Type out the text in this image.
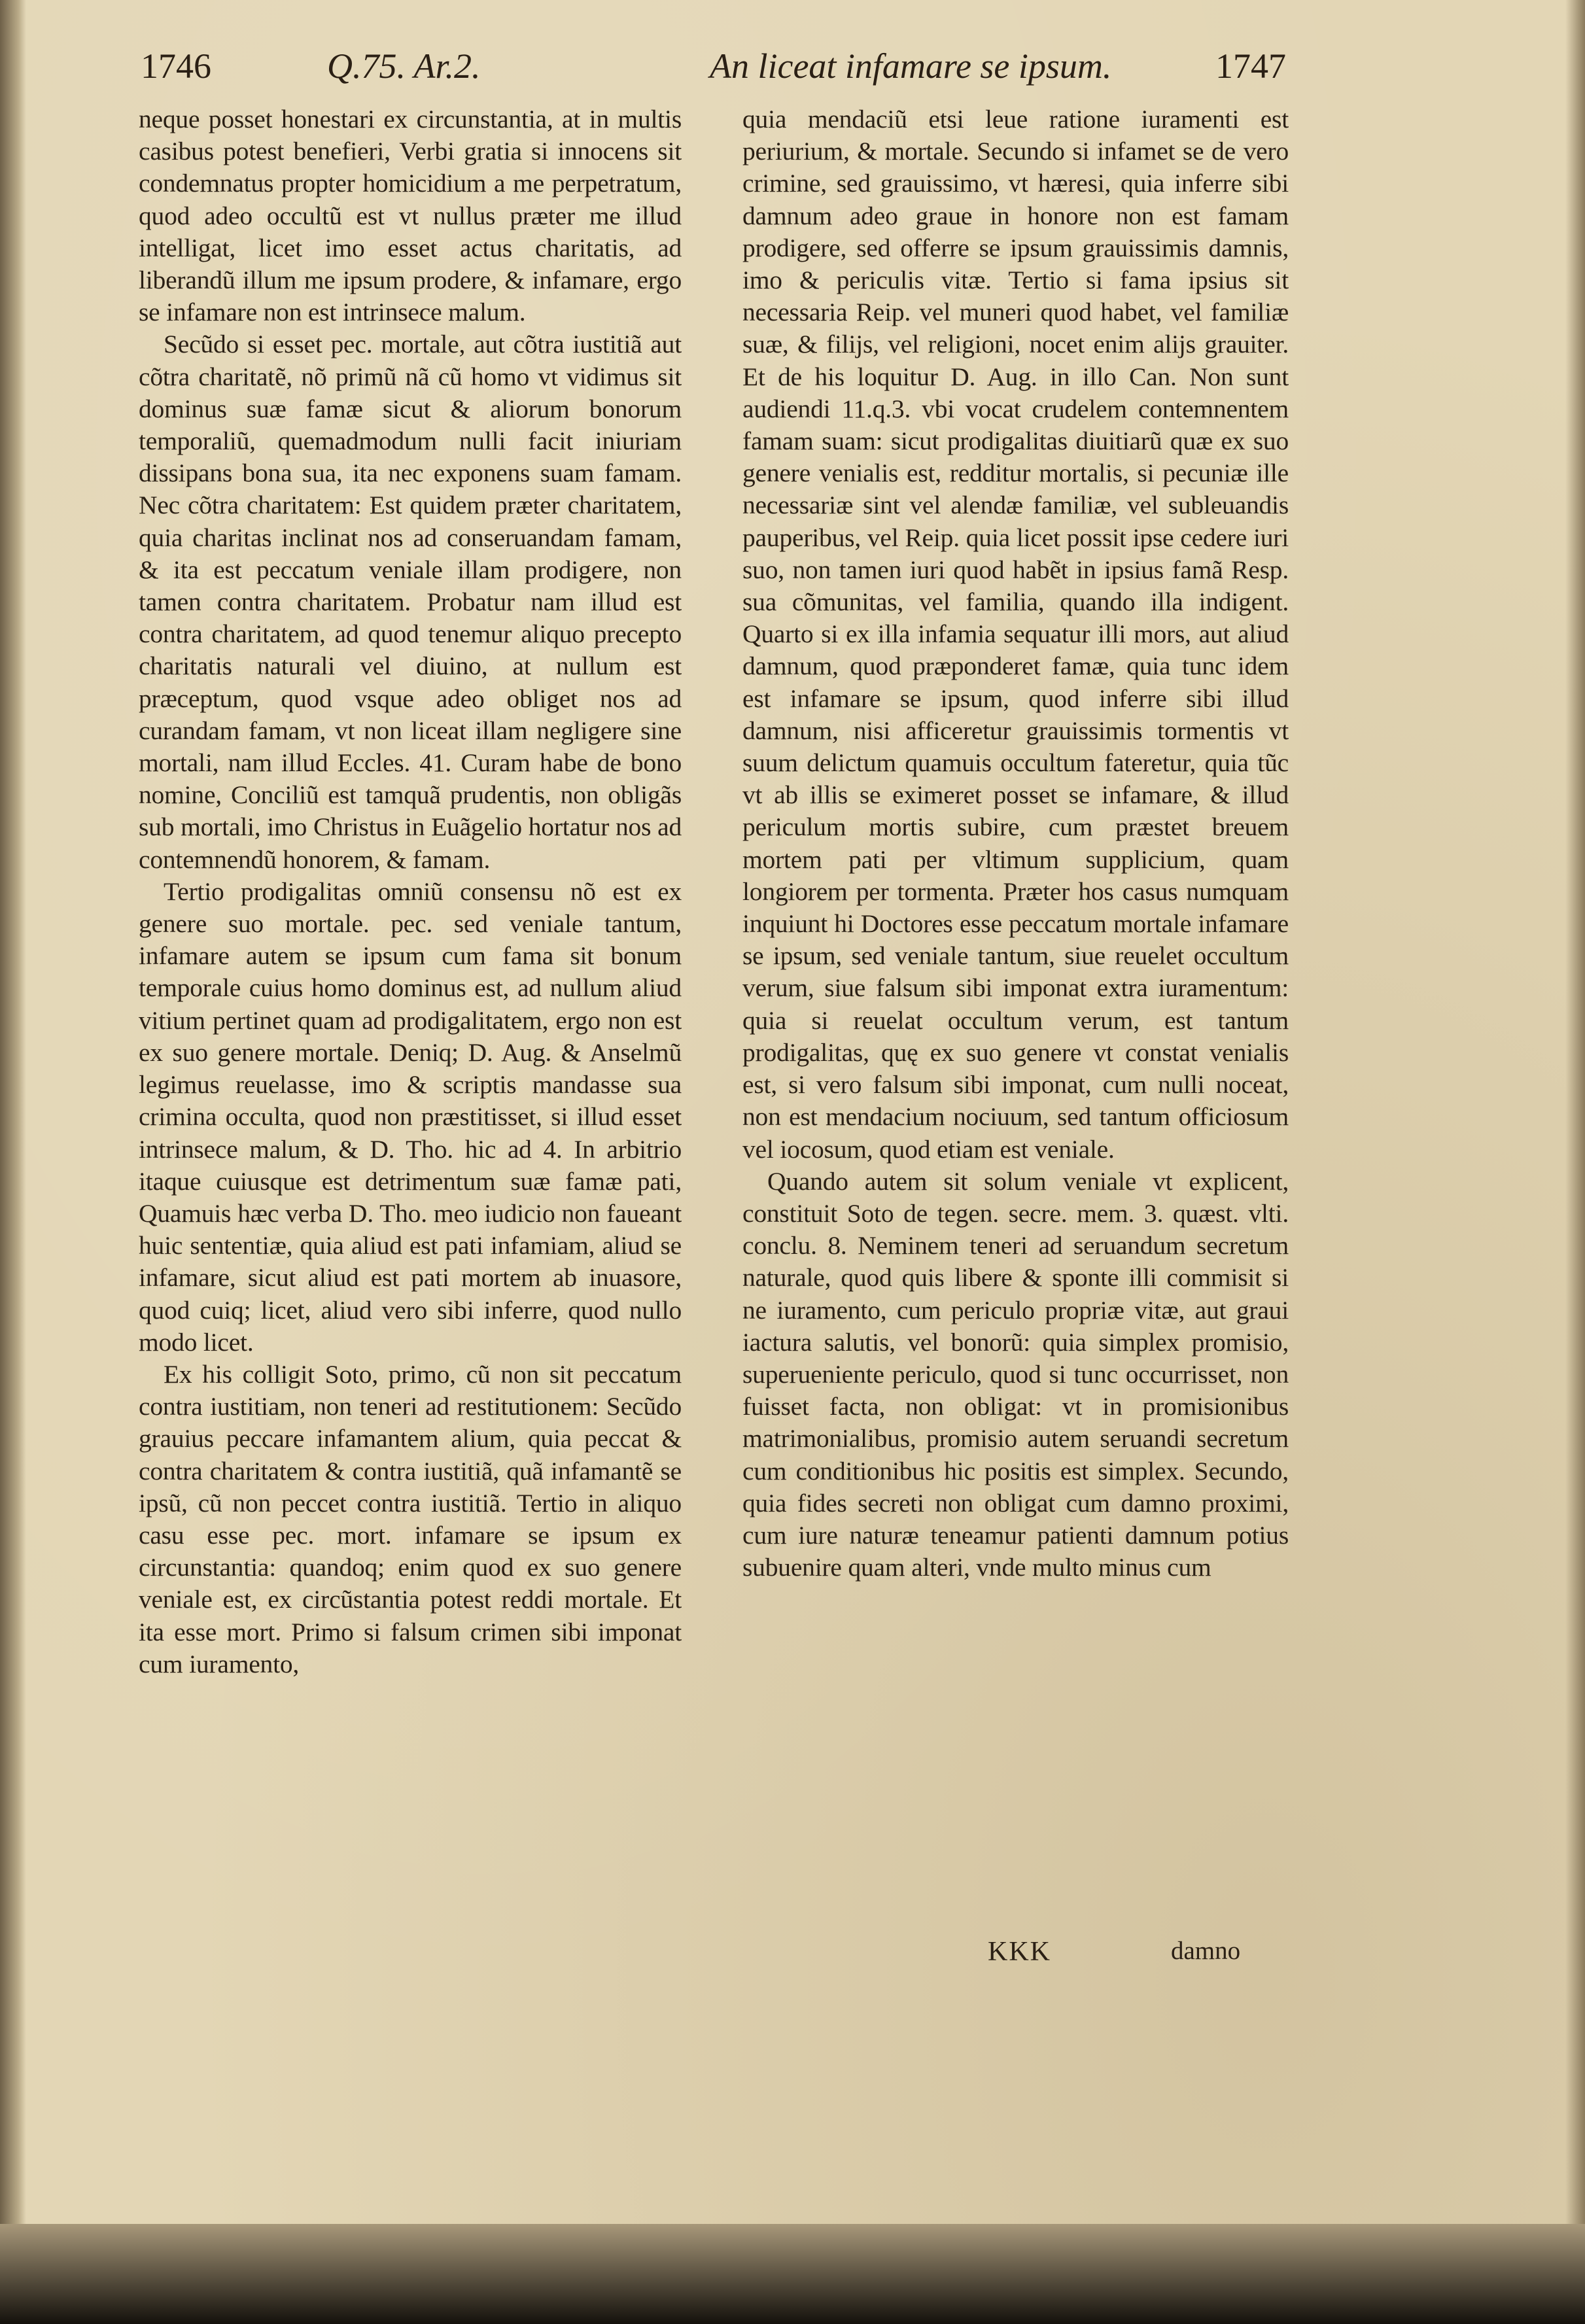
1746	Q.75. Ar.2.	An liceat infamare se ipsum.	1747

neque posset honestari ex circunstantia, at in multis casibus potest benefieri, Verbi gratia si innocens sit condemnatus propter homicidium a me perpetratum, quod adeo occultũ est vt nullus præter me illud intelligat, licet imo esset actus charitatis, ad liberandũ illum me ipsum prodere, & infamare, ergo se infamare non est intrinsece malum.

Secũdo si esset pec. mortale, aut cõtra iustitiã aut cõtra charitatẽ, nõ primũ nã cũ homo vt vidimus sit dominus suæ famæ sicut & aliorum bonorum temporaliũ, quemadmodum nulli facit iniuriam dissipans bona sua, ita nec exponens suam famam. Nec cõtra charitatem: Est quidem præter charitatem, quia charitas inclinat nos ad conseruandam famam, & ita est peccatum veniale illam prodigere, non tamen contra charitatem. Probatur nam illud est contra charitatem, ad quod tenemur aliquo precepto charitatis naturali vel diuino, at nullum est præceptum, quod vsque adeo obliget nos ad curandam famam, vt non liceat illam negligere sine mortali, nam illud Eccles. 41. Curam habe de bono nomine, Conciliũ est tamquã prudentis, non obligãs sub mortali, imo Christus in Euãgelio hortatur nos ad contemnendũ honorem, & famam.

Tertio prodigalitas omniũ consensu nõ est ex genere suo mortale. pec. sed veniale tantum, infamare autem se ipsum cum fama sit bonum temporale cuius homo dominus est, ad nullum aliud vitium pertinet quam ad prodigalitatem, ergo non est ex suo genere mortale. Deniq; D. Aug. & Anselmũ legimus reuelasse, imo & scriptis mandasse sua crimina occulta, quod non præstitisset, si illud esset intrinsece malum, & D. Tho. hic ad 4. In arbitrio itaque cuiusque est detrimentum suæ famæ pati, Quamuis hæc verba D. Tho. meo iudicio non faueant huic sententiæ, quia aliud est pati infamiam, aliud se infamare, sicut aliud est pati mortem ab inuasore, quod cuiq; licet, aliud vero sibi inferre, quod nullo modo licet.

Ex his colligit Soto, primo, cũ non sit peccatum contra iustitiam, non teneri ad restitutionem: Secũdo grauius peccare infamantem alium, quia peccat & contra charitatem & contra iustitiã, quã infamantẽ se ipsũ, cũ non peccet contra iustitiã. Tertio in aliquo casu esse pec. mort. infamare se ipsum ex circunstantia: quandoq; enim quod ex suo genere veniale est, ex circũstantia potest reddi mortale. Et ita esse mort. Primo si falsum crimen sibi imponat cum iuramento,

quia mendaciũ etsi leue ratione iuramenti est periurium, & mortale. Secundo si infamet se de vero crimine, sed grauissimo, vt hæresi, quia inferre sibi damnum adeo graue in honore non est famam prodigere, sed offerre se ipsum grauissimis damnis, imo & periculis vitæ. Tertio si fama ipsius sit necessaria Reip. vel muneri quod habet, vel familiæ suæ, & filijs, vel religioni, nocet enim alijs grauiter. Et de his loquitur D. Aug. in illo Can. Non sunt audiendi 11.q.3. vbi vocat crudelem contemnentem famam suam: sicut prodigalitas diuitiarũ quæ ex suo genere venialis est, redditur mortalis, si pecuniæ ille necessariæ sint vel alendæ familiæ, vel subleuandis pauperibus, vel Reip. quia licet possit ipse cedere iuri suo, non tamen iuri quod habẽt in ipsius famã Resp. sua cõmunitas, vel familia, quando illa indigent. Quarto si ex illa infamia sequatur illi mors, aut aliud damnum, quod præponderet famæ, quia tunc idem est infamare se ipsum, quod inferre sibi illud damnum, nisi afficeretur grauissimis tormentis vt suum delictum quamuis occultum fateretur, quia tũc vt ab illis se eximeret posset se infamare, & illud periculum mortis subire, cum præstet breuem mortem pati per vltimum supplicium, quam longiorem per tormenta. Præter hos casus numquam inquiunt hi Doctores esse peccatum mortale infamare se ipsum, sed veniale tantum, siue reuelet occultum verum, siue falsum sibi imponat extra iuramentum: quia si reuelat occultum verum, est tantum prodigalitas, quę ex suo genere vt constat venialis est, si vero falsum sibi imponat, cum nulli noceat, non est mendacium nociuum, sed tantum officiosum vel iocosum, quod etiam est veniale.

Quando autem sit solum veniale vt explicent, constituit Soto de tegen. secre. mem. 3. quæst. vlti. conclu. 8. Neminem teneri ad seruandum secretum naturale, quod quis libere & sponte illi commisit si ne iuramento, cum periculo propriæ vitæ, aut graui iactura salutis, vel bonorũ: quia simplex promisio, superueniente periculo, quod si tunc occurrisset, non fuisset facta, non obligat: vt in promisionibus matrimonialibus, promisio autem seruandi secretum cum conditionibus hic positis est simplex. Secundo, quia fides secreti non obligat cum damno proximi, cum iure naturæ teneamur patienti damnum potius subuenire quam alteri, vnde multo minus cum

KKK	damno
